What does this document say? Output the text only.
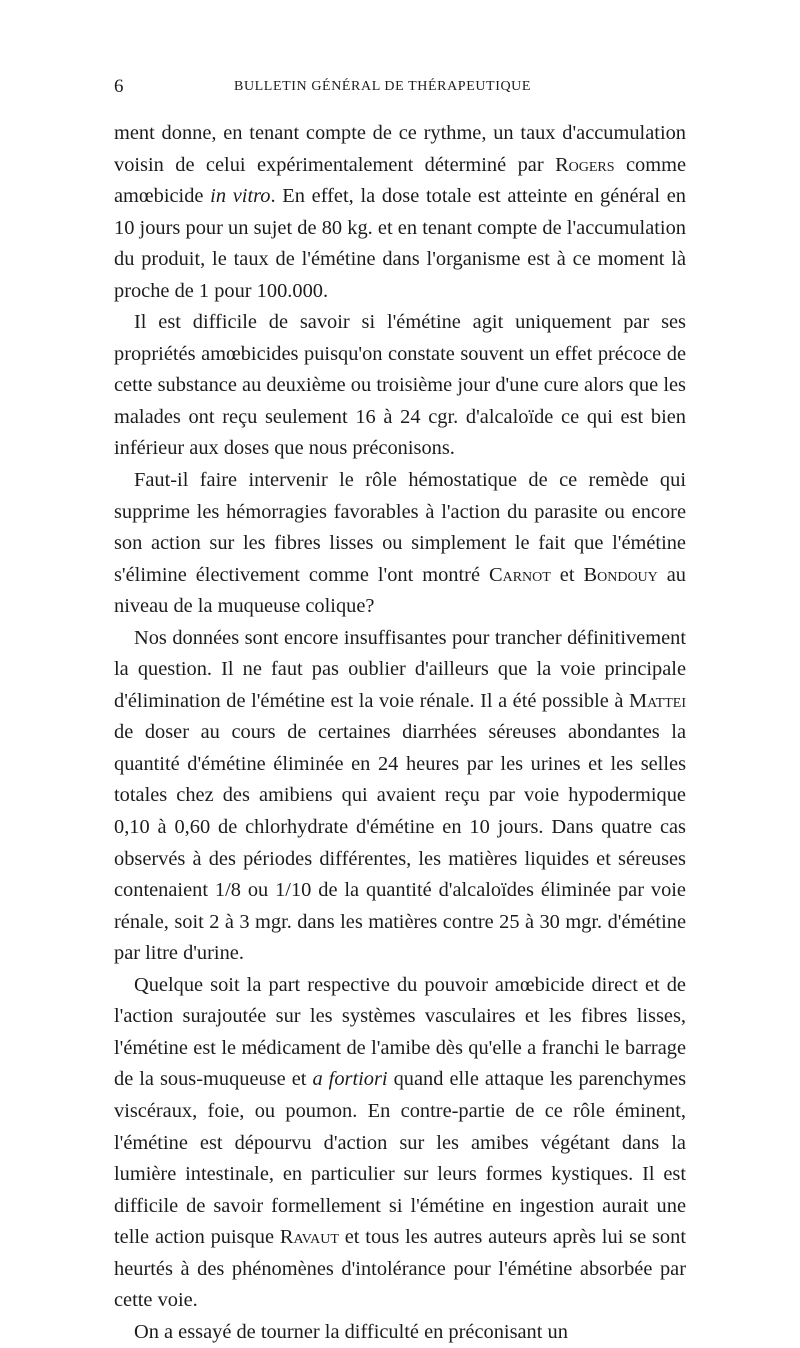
6	BULLETIN GÉNÉRAL DE THÉRAPEUTIQUE

ment donne, en tenant compte de ce rythme, un taux d'accumulation voisin de celui expérimentalement déterminé par Rogers comme amœbicide in vitro. En effet, la dose totale est atteinte en général en 10 jours pour un sujet de 80 kg. et en tenant compte de l'accumulation du produit, le taux de l'émétine dans l'organisme est à ce moment là proche de 1 pour 100.000.

Il est difficile de savoir si l'émétine agit uniquement par ses propriétés amœbicides puisqu'on constate souvent un effet précoce de cette substance au deuxième ou troisième jour d'une cure alors que les malades ont reçu seulement 16 à 24 cgr. d'alcaloïde ce qui est bien inférieur aux doses que nous préconisons.

Faut-il faire intervenir le rôle hémostatique de ce remède qui supprime les hémorragies favorables à l'action du parasite ou encore son action sur les fibres lisses ou simplement le fait que l'émétine s'élimine électivement comme l'ont montré Carnot et Bondouy au niveau de la muqueuse colique?

Nos données sont encore insuffisantes pour trancher définitivement la question. Il ne faut pas oublier d'ailleurs que la voie principale d'élimination de l'émétine est la voie rénale. Il a été possible à Mattei de doser au cours de certaines diarrhées séreuses abondantes la quantité d'émétine éliminée en 24 heures par les urines et les selles totales chez des amibiens qui avaient reçu par voie hypodermique 0,10 à 0,60 de chlorhydrate d'émétine en 10 jours. Dans quatre cas observés à des périodes différentes, les matières liquides et séreuses contenaient 1/8 ou 1/10 de la quantité d'alcaloïdes éliminée par voie rénale, soit 2 à 3 mgr. dans les matières contre 25 à 30 mgr. d'émétine par litre d'urine.

Quelque soit la part respective du pouvoir amœbicide direct et de l'action surajoutée sur les systèmes vasculaires et les fibres lisses, l'émétine est le médicament de l'amibe dès qu'elle a franchi le barrage de la sous-muqueuse et a fortiori quand elle attaque les parenchymes viscéraux, foie, ou poumon. En contre-partie de ce rôle éminent, l'émétine est dépourvu d'action sur les amibes végétant dans la lumière intestinale, en particulier sur leurs formes kystiques. Il est difficile de savoir formellement si l'émétine en ingestion aurait une telle action puisque Ravaut et tous les autres auteurs après lui se sont heurtés à des phénomènes d'intolérance pour l'émétine absorbée par cette voie.

On a essayé de tourner la difficulté en préconisant un
